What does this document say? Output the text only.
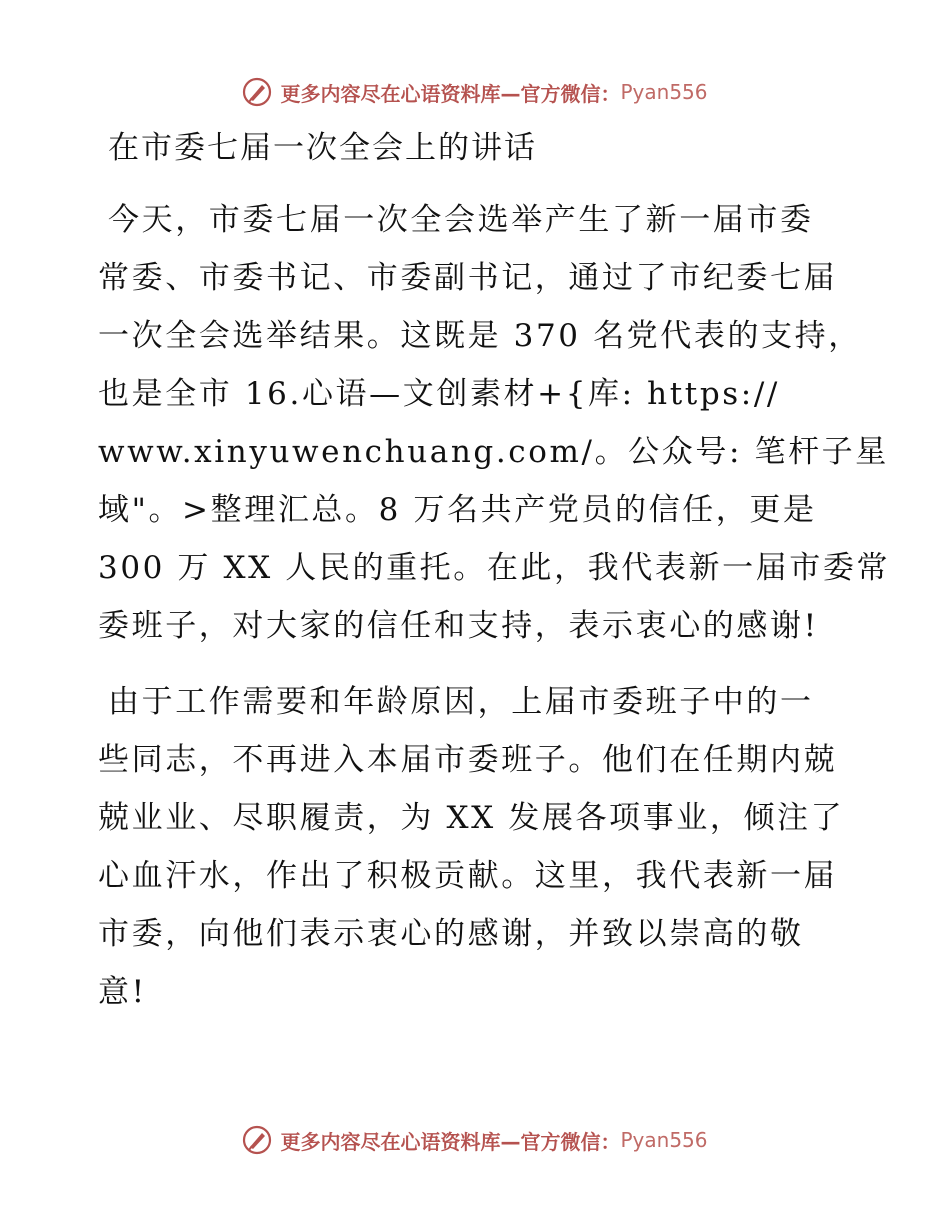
更多内容尽在心语资料库—官方微信： Pyan556
在市委七届一次全会上的讲话
今天，市委七届一次全会选举产生了新一届市委
常委、市委书记、市委副书记，通过了市纪委七届
一次全会选举结果。这既是 370 名党代表的支持，
也是全市 16.心语—文创素材+{库: https://
www.xinyuwenchuang.com/。公众号: 笔杆子星
域"。>整理汇总。8 万名共产党员的信任，更是
300 万 XX 人民的重托。在此，我代表新一届市委常
委班子，对大家的信任和支持，表示衷心的感谢!
由于工作需要和年龄原因，上届市委班子中的一
些同志，不再进入本届市委班子。他们在任期内兢
兢业业、尽职履责，为 XX 发展各项事业，倾注了
心血汗水，作出了积极贡献。这里，我代表新一届
市委，向他们表示衷心的感谢，并致以崇高的敬
意!
更多内容尽在心语资料库—官方微信： Pyan556
